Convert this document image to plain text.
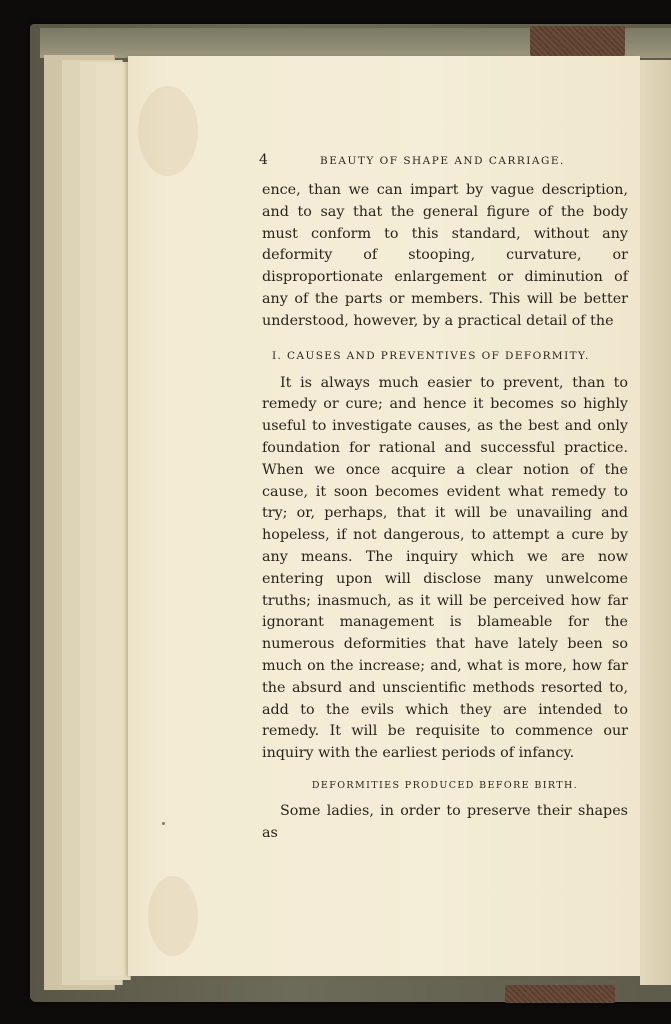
4	BEAUTY OF SHAPE AND CARRIAGE.

ence, than we can impart by vague description, and to say that the general figure of the body must conform to this standard, without any deformity of stooping, curvature, or disproportionate enlargement or diminution of any of the parts or members. This will be better understood, however, by a practical detail of the

I. CAUSES AND PREVENTIVES OF DEFORMITY.

It is always much easier to prevent, than to remedy or cure; and hence it becomes so highly useful to investigate causes, as the best and only foundation for rational and successful practice. When we once acquire a clear notion of the cause, it soon becomes evident what remedy to try; or, perhaps, that it will be unavailing and hopeless, if not dangerous, to attempt a cure by any means. The inquiry which we are now entering upon will disclose many unwelcome truths; inasmuch, as it will be perceived how far ignorant management is blameable for the numerous deformities that have lately been so much on the increase; and, what is more, how far the absurd and unscientific methods resorted to, add to the evils which they are intended to remedy. It will be requisite to commence our inquiry with the earliest periods of infancy.

DEFORMITIES PRODUCED BEFORE BIRTH.

Some ladies, in order to preserve their shapes as
